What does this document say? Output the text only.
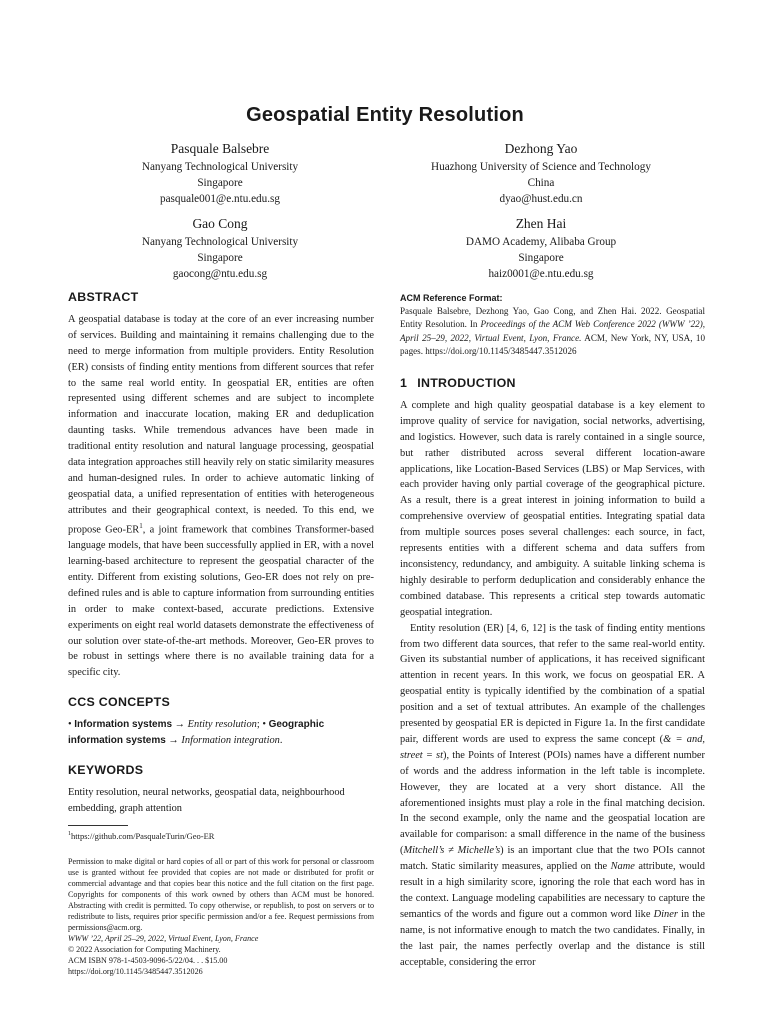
Geospatial Entity Resolution
Pasquale Balsebre
Nanyang Technological University
Singapore
pasquale001@e.ntu.edu.sg
Dezhong Yao
Huazhong University of Science and Technology
China
dyao@hust.edu.cn
Gao Cong
Nanyang Technological University
Singapore
gaocong@ntu.edu.sg
Zhen Hai
DAMO Academy, Alibaba Group
Singapore
haiz0001@e.ntu.edu.sg
ABSTRACT

A geospatial database is today at the core of an ever increasing number of services. Building and maintaining it remains challenging due to the need to merge information from multiple providers. Entity Resolution (ER) consists of finding entity mentions from different sources that refer to the same real world entity. In geospatial ER, entities are often represented using different schemes and are subject to incomplete information and inaccurate location, making ER and deduplication daunting tasks. While tremendous advances have been made in traditional entity resolution and natural language processing, geospatial data integration approaches still heavily rely on static similarity measures and human-designed rules. In order to achieve automatic linking of geospatial data, a unified representation of entities with heterogeneous attributes and their geographical context, is needed. To this end, we propose Geo-$ER^1$, a joint framework that combines Transformer-based language models, that have been successfully applied in ER, with a novel learning-based architecture to represent the geospatial character of the entity. Different from existing solutions, Geo-ER does not rely on pre-defined rules and is able to capture information from surrounding entities in order to make context-based, accurate predictions. Extensive experiments on eight real world datasets demonstrate the effectiveness of our solution over state-of-the-art methods. Moreover, Geo-ER proves to be robust in settings where there is no available training data for a specific city.

CCS CONCEPTS

• Information systems → Entity resolution; • Geographic information systems → Information integration.

KEYWORDS

Entity resolution, neural networks, geospatial data, neighbourhood embedding, graph attention

$^1$https://github.com/PasqualeTurin/Geo-ER

Permission to make digital or hard copies of all or part of this work for personal or classroom use is granted without fee provided that copies are not made or distributed for profit or commercial advantage and that copies bear this notice and the full citation on the first page. Copyrights for components of this work owned by others than ACM must be honored. Abstracting with credit is permitted. To copy otherwise, or republish, to post on servers or to redistribute to lists, requires prior specific permission and/or a fee. Request permissions from permissions@acm.org.

WWW ’22, April 25–29, 2022, Virtual Event, Lyon, France

© 2022 Association for Computing Machinery.

ACM ISBN 978-1-4503-9096-5/22/04. . . $15.00

https://doi.org/10.1145/3485447.3512026

ACM Reference Format:
Pasquale Balsebre, Dezhong Yao, Gao Cong, and Zhen Hai. 2022. Geospatial Entity Resolution. In Proceedings of the ACM Web Conference 2022 (WWW ’22), April 25–29, 2022, Virtual Event, Lyon, France. ACM, New York, NY, USA, 10 pages. https://doi.org/10.1145/3485447.3512026
1 INTRODUCTION

A complete and high quality geospatial database is a key element to improve quality of service for navigation, social networks, advertising, and logistics. However, such data is rarely contained in a single source, but rather distributed across several different location-aware applications, like Location-Based Services (LBS) or Map Services, with each provider having only partial coverage of the geographical picture. As a result, there is a great interest in joining information to build a comprehensive overview of geospatial entities. Integrating spatial data from multiple sources poses several challenges: each source, in fact, represents entities with a different schema and data suffers from inconsistency, redundancy, and ambiguity. A suitable linking schema is highly desirable to perform deduplication and considerably enhance the combined database. This represents a critical step towards automatic geospatial integration.

Entity resolution (ER) [4, 6, 12] is the task of finding entity mentions from two different data sources, that refer to the same real-world entity. Given its substantial number of applications, it has received significant attention in recent years. In this work, we focus on geospatial ER. A geospatial entity is typically identified by the combination of a spatial position and a set of textual attributes. An example of the challenges presented by geospatial ER is depicted in Figure 1a. In the first candidate pair, different words are used to express the same concept (& = and, street = st), the Points of Interest (POIs) names have a different number of words and the address information in the left table is incomplete. However, they are located at a very short distance. All the aforementioned insights must play a role in the final matching decision. In the second example, only the name and the geospatial location are available for comparison: a small difference in the name of the business (Mitchell’s ≠ Michelle’s) is an important clue that the two POIs cannot match. Static similarity measures, applied on the Name attribute, would result in a high similarity score, ignoring the role that each word has in the context. Language modeling capabilities are necessary to capture the semantics of the words and figure out a common word like Diner in the name, is not informative enough to match the two candidates. Finally, in the last pair, the names perfectly overlap and the distance is still acceptable, considering the error
